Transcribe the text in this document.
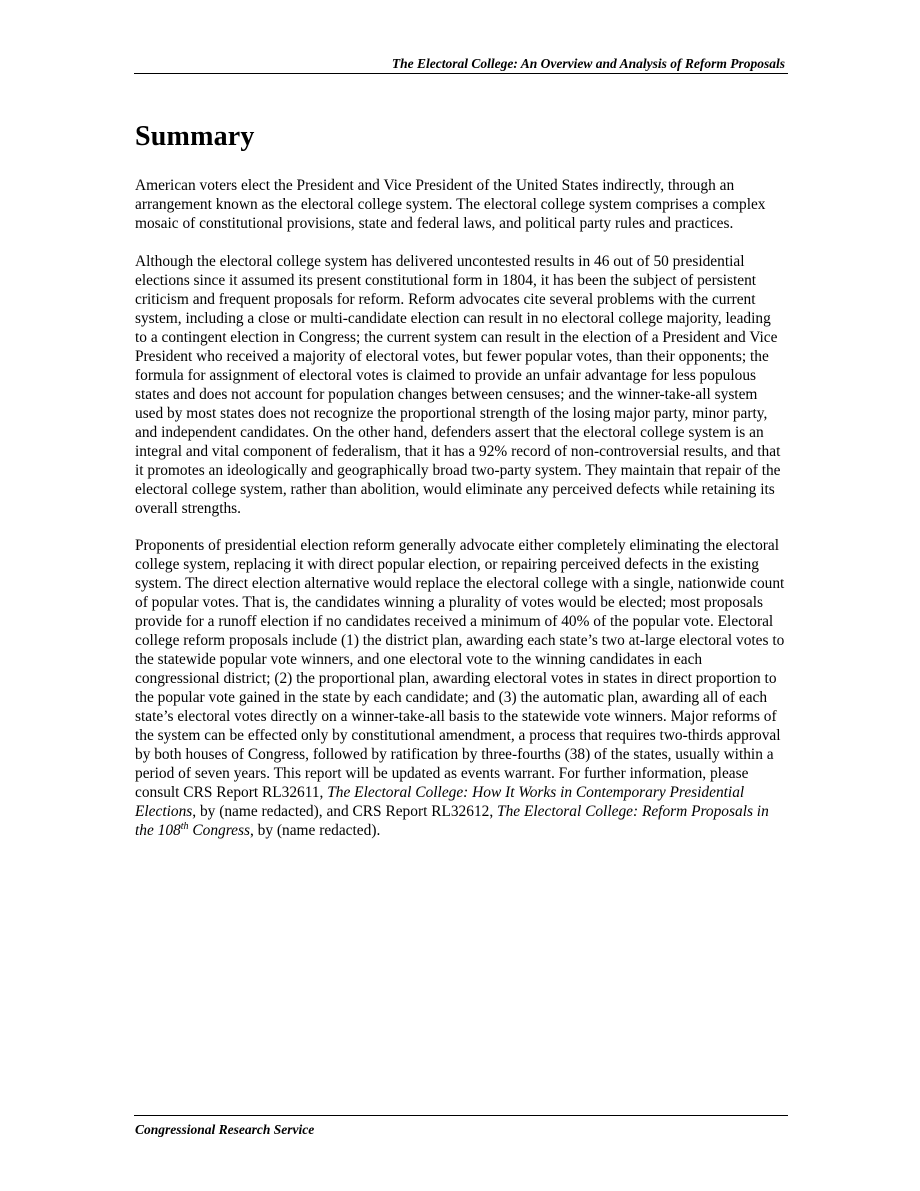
The Electoral College: An Overview and Analysis of Reform Proposals
Summary

American voters elect the President and Vice President of the United States indirectly, through an arrangement known as the electoral college system. The electoral college system comprises a complex mosaic of constitutional provisions, state and federal laws, and political party rules and practices.

Although the electoral college system has delivered uncontested results in 46 out of 50 presidential elections since it assumed its present constitutional form in 1804, it has been the subject of persistent criticism and frequent proposals for reform. Reform advocates cite several problems with the current system, including a close or multi-candidate election can result in no electoral college majority, leading to a contingent election in Congress; the current system can result in the election of a President and Vice President who received a majority of electoral votes, but fewer popular votes, than their opponents; the formula for assignment of electoral votes is claimed to provide an unfair advantage for less populous states and does not account for population changes between censuses; and the winner-take-all system used by most states does not recognize the proportional strength of the losing major party, minor party, and independent candidates. On the other hand, defenders assert that the electoral college system is an integral and vital component of federalism, that it has a 92% record of non-controversial results, and that it promotes an ideologically and geographically broad two-party system. They maintain that repair of the electoral college system, rather than abolition, would eliminate any perceived defects while retaining its overall strengths.

Proponents of presidential election reform generally advocate either completely eliminating the electoral college system, replacing it with direct popular election, or repairing perceived defects in the existing system. The direct election alternative would replace the electoral college with a single, nationwide count of popular votes. That is, the candidates winning a plurality of votes would be elected; most proposals provide for a runoff election if no candidates received a minimum of 40% of the popular vote. Electoral college reform proposals include (1) the district plan, awarding each state’s two at-large electoral votes to the statewide popular vote winners, and one electoral vote to the winning candidates in each congressional district; (2) the proportional plan, awarding electoral votes in states in direct proportion to the popular vote gained in the state by each candidate; and (3) the automatic plan, awarding all of each state’s electoral votes directly on a winner-take-all basis to the statewide vote winners. Major reforms of the system can be effected only by constitutional amendment, a process that requires two-thirds approval by both houses of Congress, followed by ratification by three-fourths (38) of the states, usually within a period of seven years. This report will be updated as events warrant. For further information, please consult CRS Report RL32611, The Electoral College: How It Works in Contemporary Presidential Elections, by (name redacted), and CRS Report RL32612, The Electoral College: Reform Proposals in the 108th Congress, by (name redacted).

Congressional Research Service
